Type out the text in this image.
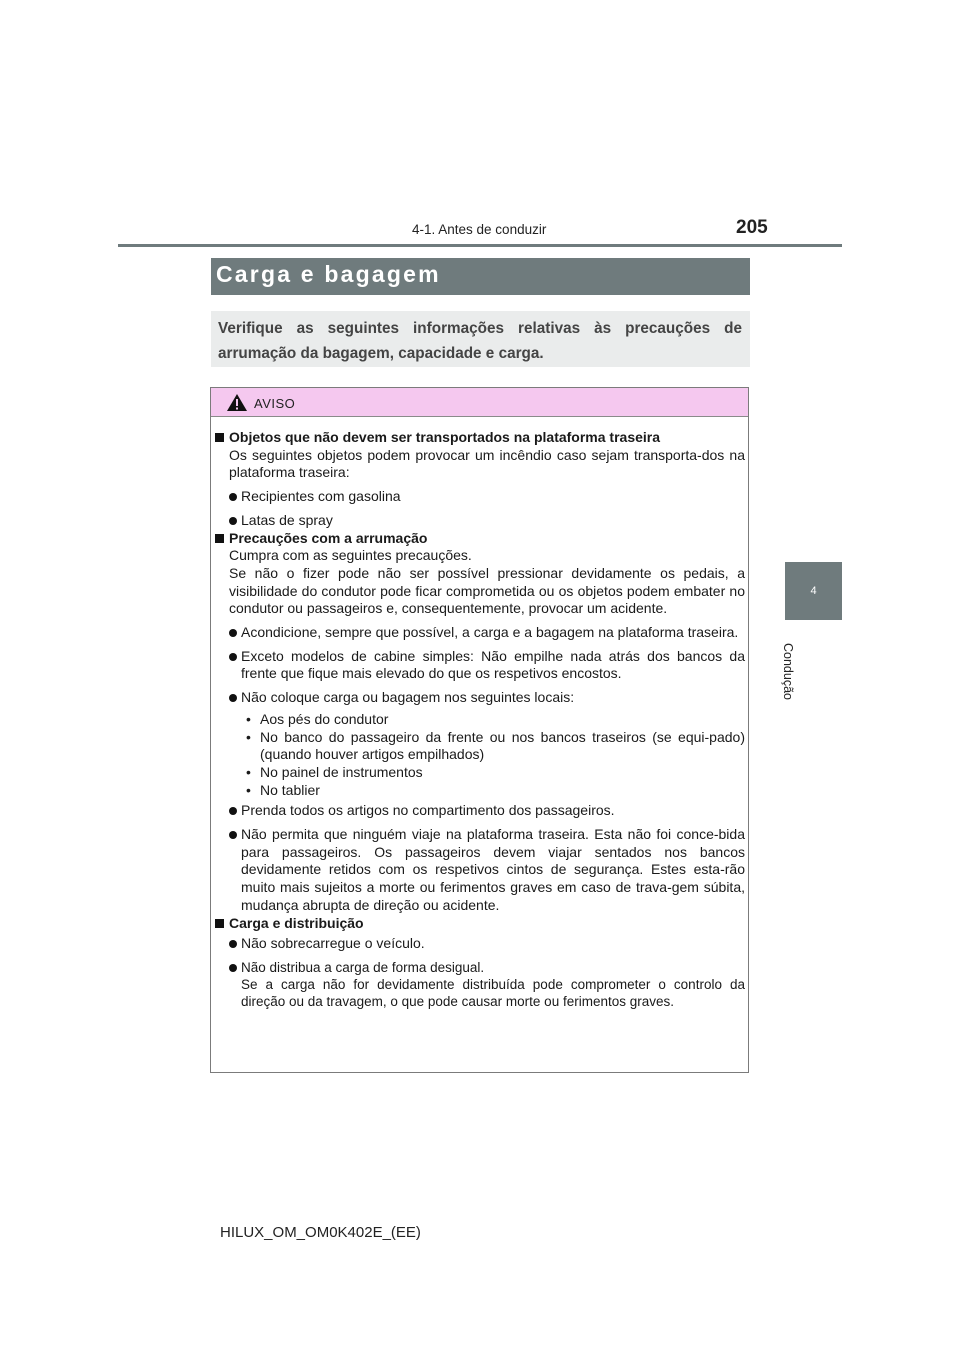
4-1. Antes de conduzir	205
4
Condução
Carga e bagagem
Verifique as seguintes informações relativas às precauções de arrumação da bagagem, capacidade e carga.
AVISO

Objetos que não devem ser transportados na plataforma traseira

Os seguintes objetos podem provocar um incêndio caso sejam transporta-dos na plataforma traseira:

Recipientes com gasolina
Latas de spray

Precauções com a arrumação

Cumpra com as seguintes precauções.

Se não o fizer pode não ser possível pressionar devidamente os pedais, a visibilidade do condutor pode ficar comprometida ou os objetos podem embater no condutor ou passageiros e, consequentemente, provocar um acidente.

Acondicione, sempre que possível, a carga e a bagagem na plataforma traseira.
Exceto modelos de cabine simples: Não empilhe nada atrás dos bancos da frente que fique mais elevado do que os respetivos encostos.
Não coloque carga ou bagagem nos seguintes locais:
• Aos pés do condutor
• No banco do passageiro da frente ou nos bancos traseiros (se equi-pado) (quando houver artigos empilhados)
• No painel de instrumentos
• No tablier
Prenda todos os artigos no compartimento dos passageiros.
Não permita que ninguém viaje na plataforma traseira. Esta não foi conce-bida para passageiros. Os passageiros devem viajar sentados nos bancos devidamente retidos com os respetivos cintos de segurança. Estes esta-rão muito mais sujeitos a morte ou ferimentos graves em caso de trava-gem súbita, mudança abrupta de direção ou acidente.

Carga e distribuição

Não sobrecarregue o veículo.
Não distribua a carga de forma desigual.
Se a carga não for devidamente distribuída pode comprometer o controlo da direção ou da travagem, o que pode causar morte ou ferimentos graves.
HILUX_OM_OM0K402E_(EE)
